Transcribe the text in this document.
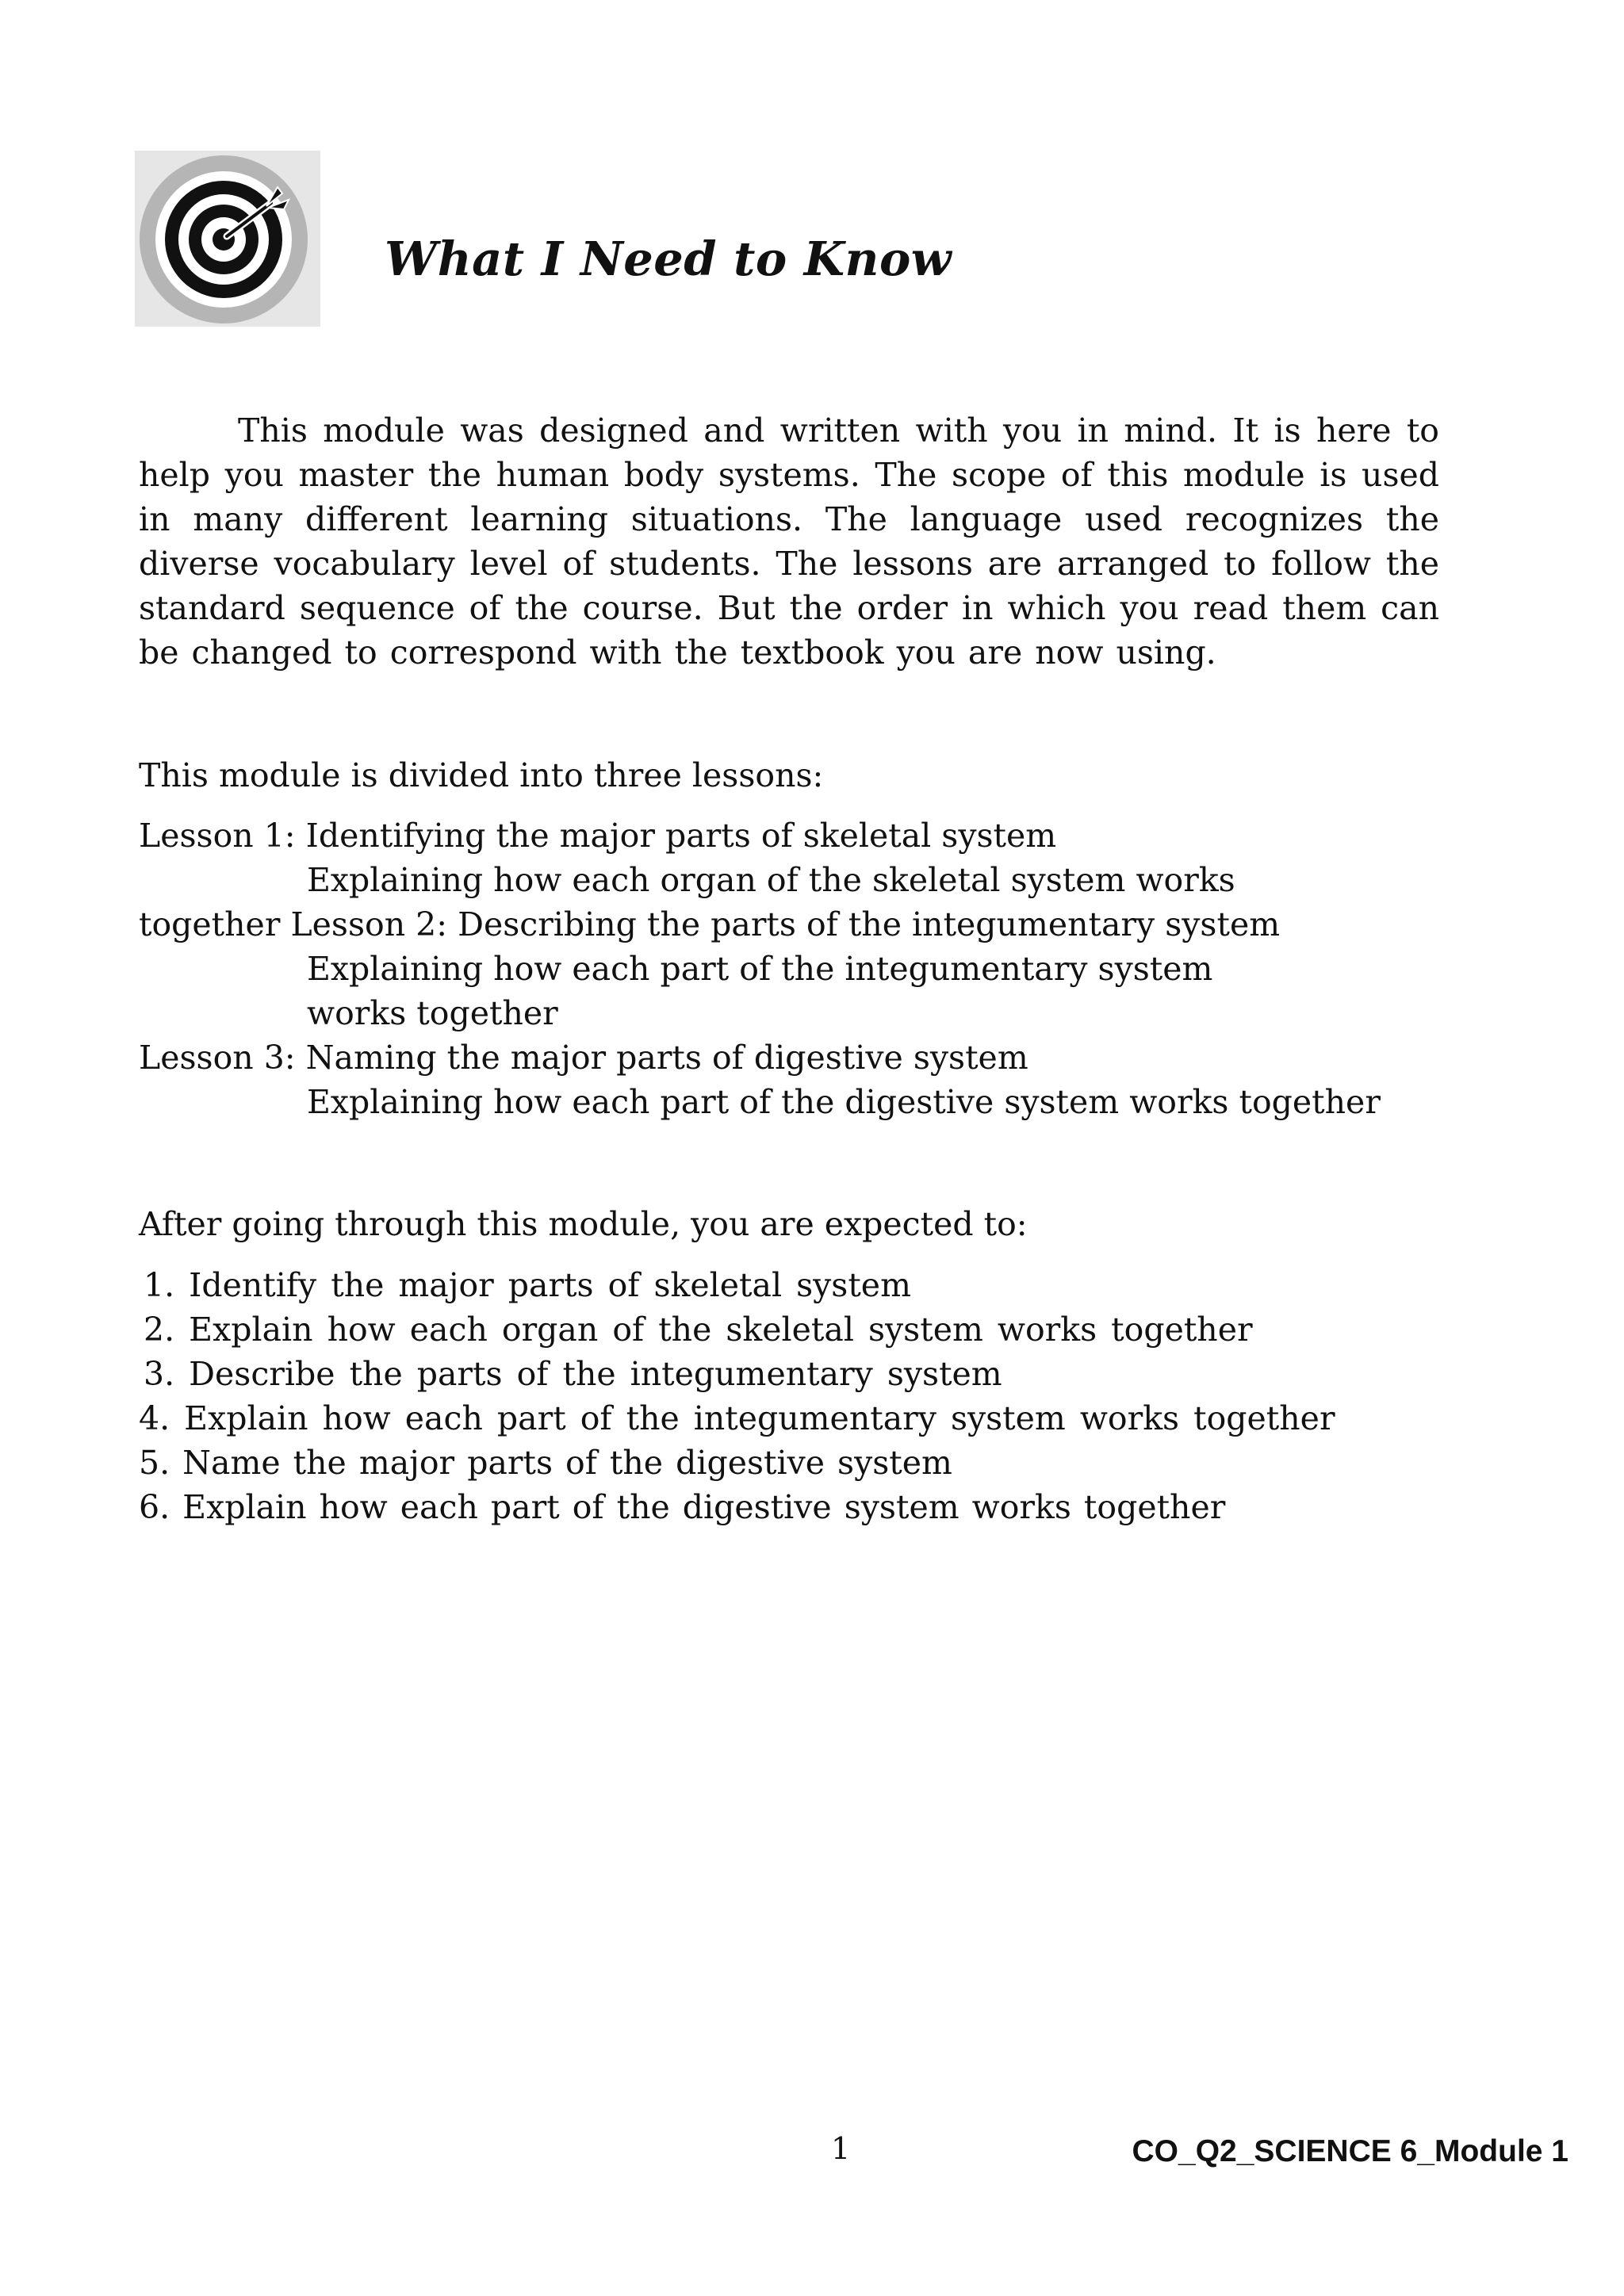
What I Need to Know

This module was designed and written with you in mind. It is here to help you master the human body systems. The scope of this module is used in many different learning situations. The language used recognizes the diverse vocabulary level of students. The lessons are arranged to follow the standard sequence of the course. But the order in which you read them can be changed to correspond with the textbook you are now using.

This module is divided into three lessons:

Lesson 1: Identifying the major parts of skeletal system
Explaining how each organ of the skeletal system works
together Lesson 2: Describing the parts of the integumentary system
Explaining how each part of the integumentary system
works together
Lesson 3: Naming the major parts of digestive system
Explaining how each part of the digestive system works together

After going through this module, you are expected to:

1. Identify the major parts of skeletal system
2. Explain how each organ of the skeletal system works together
3. Describe the parts of the integumentary system
4. Explain how each part of the integumentary system works together
5. Name the major parts of the digestive system
6. Explain how each part of the digestive system works together
1	CO_Q2_SCIENCE 6_Module 1
